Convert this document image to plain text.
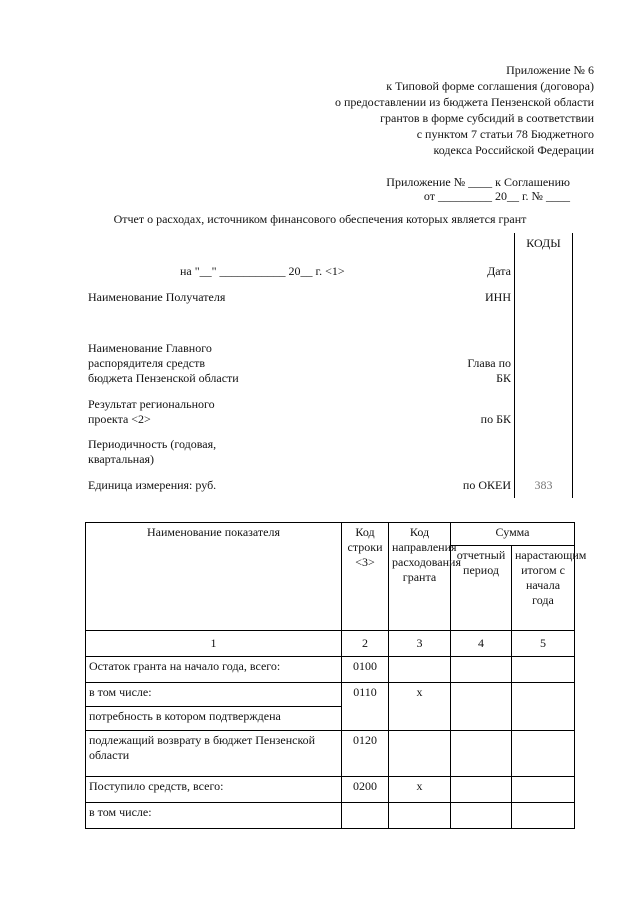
Приложение № 6
к Типовой форме соглашения (договора)
о предоставлении из бюджета Пензенской области
грантов в форме субсидий в соответствии
с пунктом 7 статьи 78 Бюджетного
кодекса Российской Федерации
Приложение № ____ к Соглашению
от _________ 20__ г. № ____
Отчет о расходах, источником финансового обеспечения которых является грант
КОДЫ
на "__" ___________ 20__ г. <1>	Дата
Наименование Получателя	ИНН
Наименование Главного
распорядителя средств
бюджета Пензенской области
Глава по
БК
Результат регионального
проекта <2>	по БК
Периодичность (годовая,
квартальная)
Единица измерения: руб.	по ОКЕИ	383
Наименование показателя	Код строки <3>	Код направления расходования гранта	Сумма	
			отчетный период	нарастающим итогом с начала года
1	2	3	4	5
Остаток гранта на начало года, всего:	0100			
в том числе:	0110	x		
потребность в котором подтверждена				
подлежащий возврату в бюджет Пензенской области	0120			
Поступило средств, всего:	0200	x		
в том числе:				
